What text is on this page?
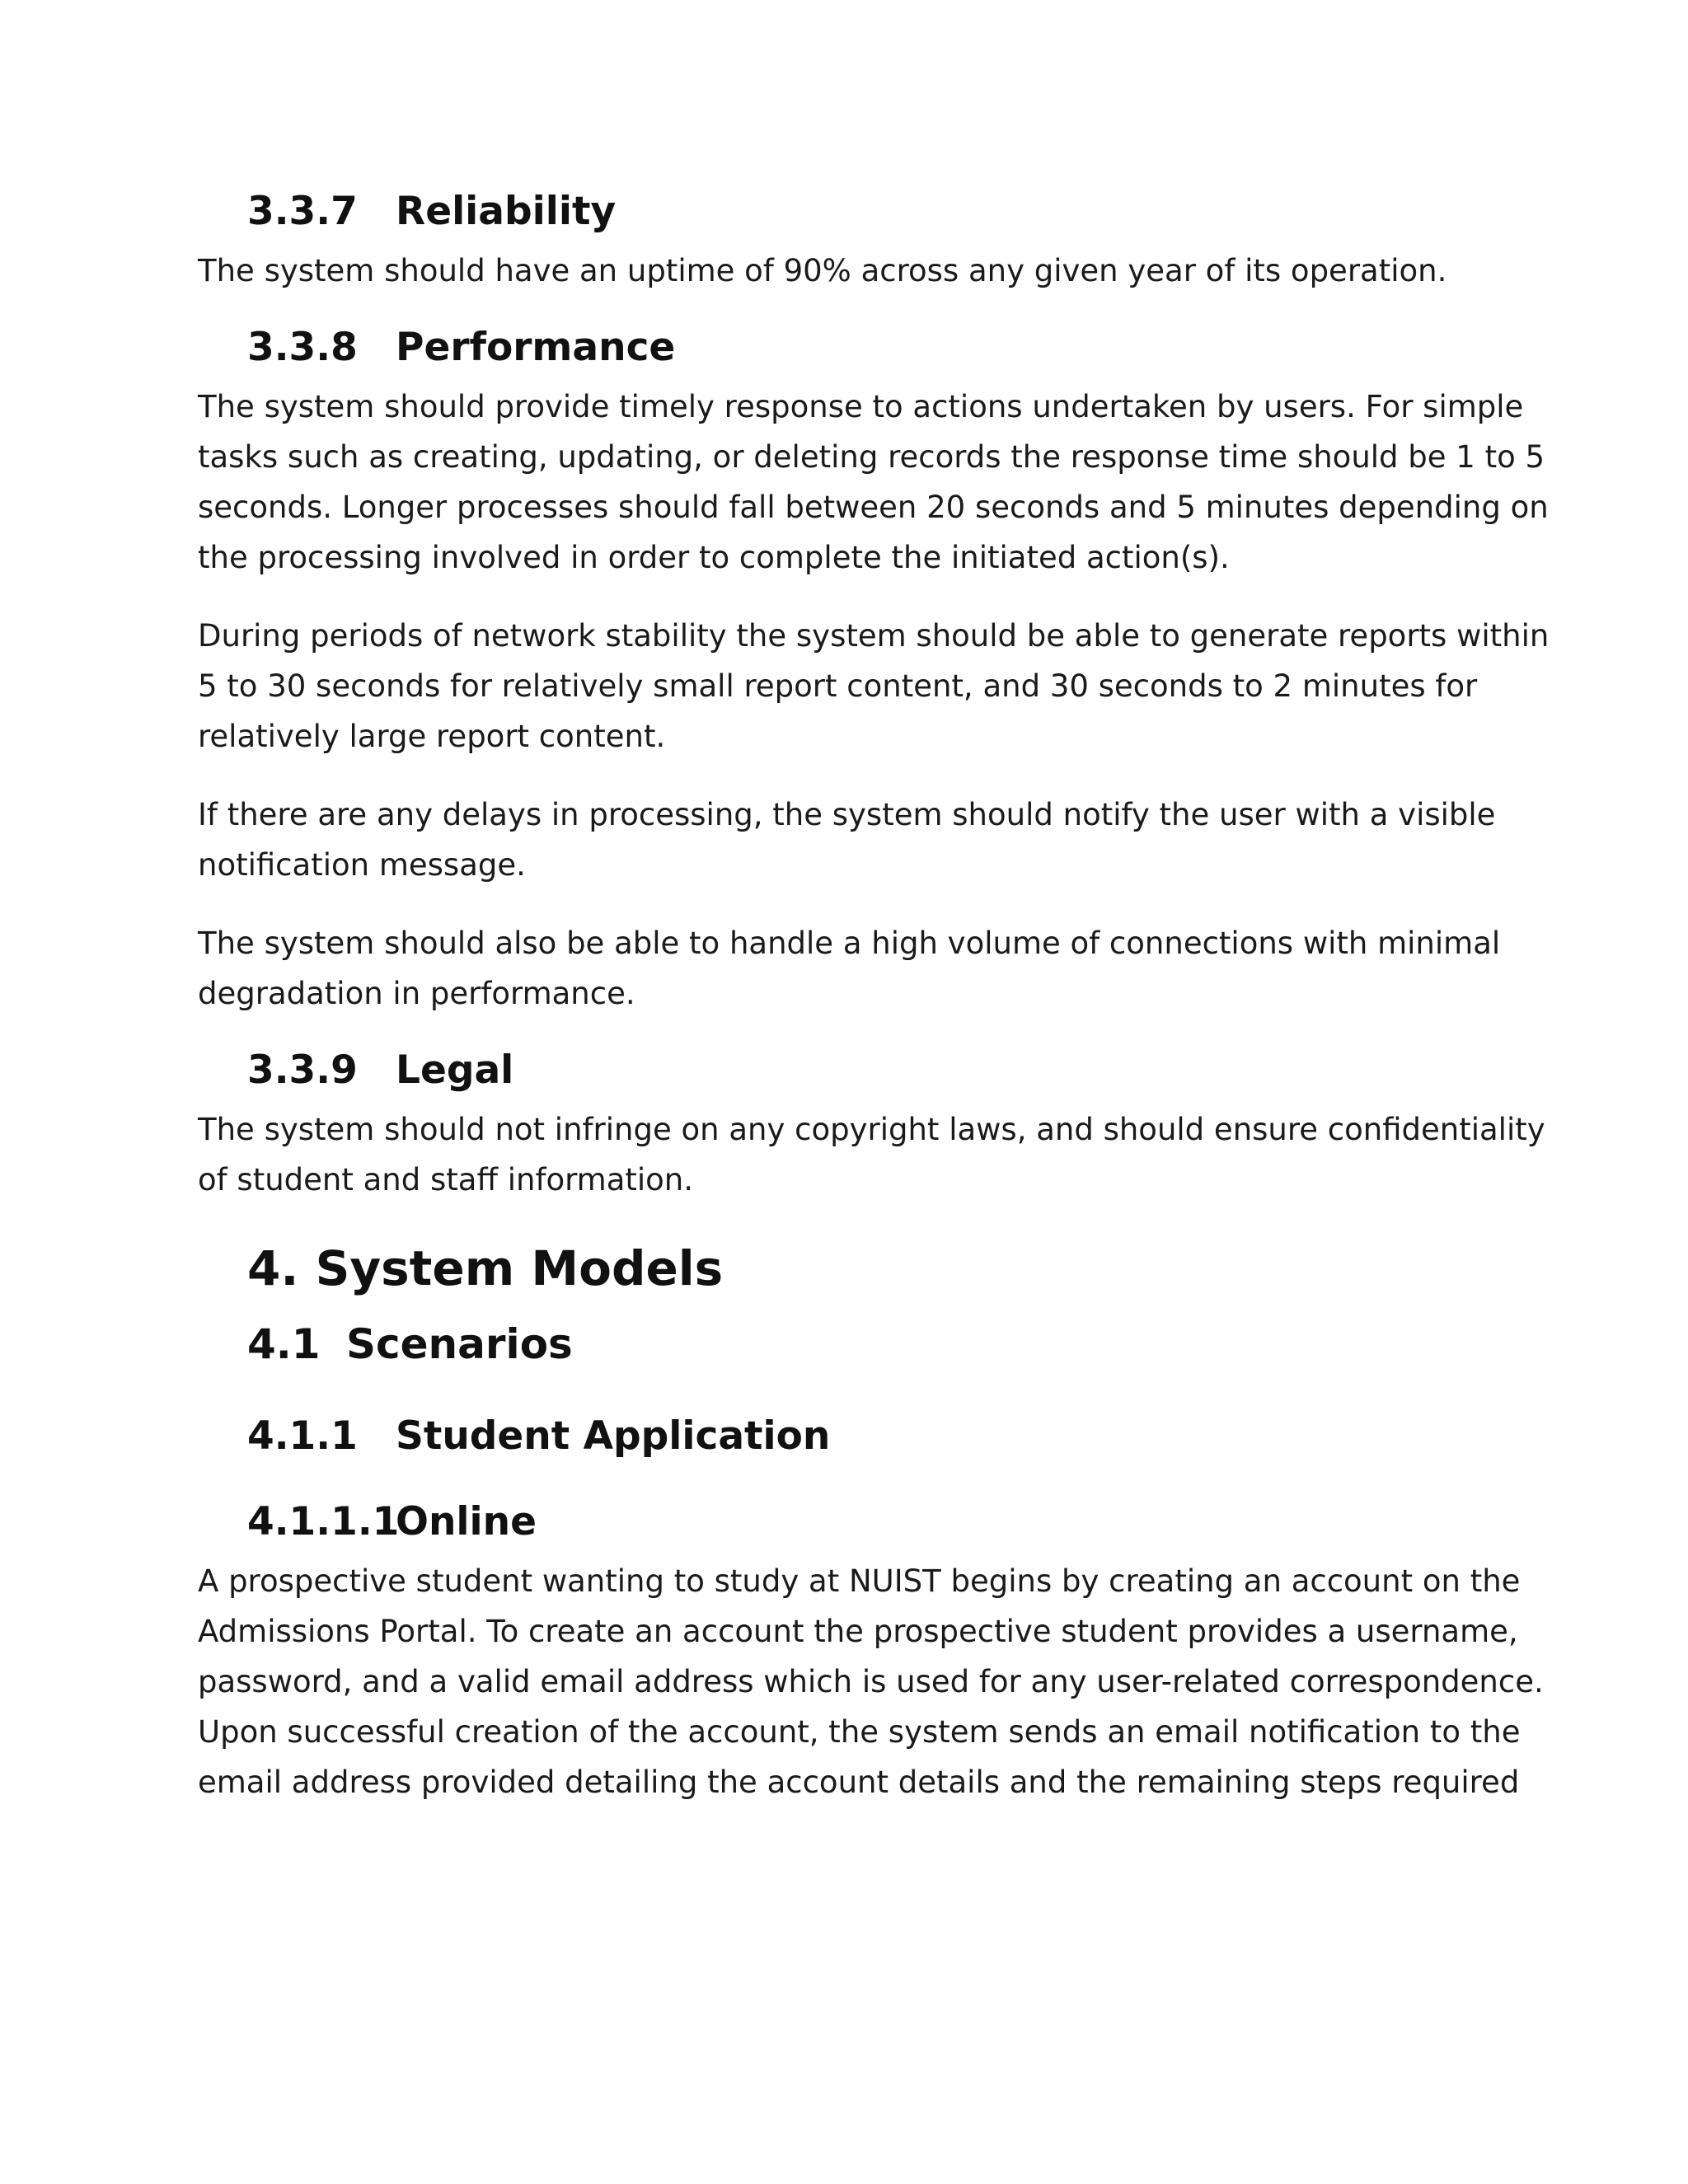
3.3.7 Reliability

The system should have an uptime of 90% across any given year of its operation.

3.3.8 Performance

The system should provide timely response to actions undertaken by users. For simple

tasks such as creating, updating, or deleting records the response time should be 1 to 5

seconds. Longer processes should fall between 20 seconds and 5 minutes depending on

the processing involved in order to complete the initiated action(s).

During periods of network stability the system should be able to generate reports within

5 to 30 seconds for relatively small report content, and 30 seconds to 2 minutes for

relatively large report content.

If there are any delays in processing, the system should notify the user with a visible

notification message.

The system should also be able to handle a high volume of connections with minimal

degradation in performance.

3.3.9 Legal

The system should not infringe on any copyright laws, and should ensure confidentiality

of student and staff information.

4. System Models
4.1 Scenarios
4.1.1 Student Application
4.1.1.1
Online

A prospective student wanting to study at NUIST begins by creating an account on the

Admissions Portal. To create an account the prospective student provides a username,

password, and a valid email address which is used for any user-related correspondence.

Upon successful creation of the account, the system sends an email notification to the

email address provided detailing the account details and the remaining steps required
